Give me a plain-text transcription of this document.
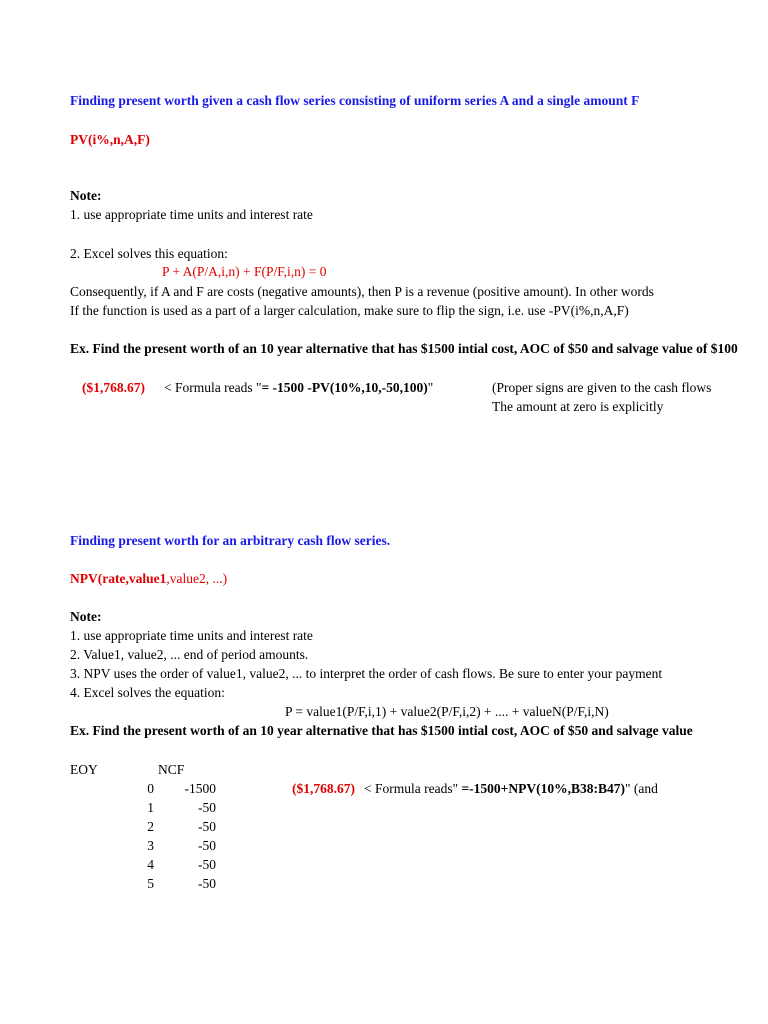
Finding present worth given a cash flow series consisting of uniform series A and a single amount F
PV(i%,n,A,F)
Note:
1. use appropriate time units and interest rate
2. Excel solves this equation:
P + A(P/A,i,n) + F(P/F,i,n) = 0
Consequently, if A and F are costs (negative amounts), then P is a revenue (positive amount). In other words
If the function is used as a part of a larger calculation, make sure to flip the sign, i.e. use -PV(i%,n,A,F)
Ex. Find the present worth of an 10 year alternative that has $1500 intial cost, AOC of $50 and salvage value of $100
($1,768.67) < Formula reads "= -1500 -PV(10%,10,-50,100)"	(Proper signs are given to the cash flows
The amount at zero is explicitly
Finding present worth for an arbitrary cash flow series.
NPV(rate,value1,value2, ...)
Note:
1. use appropriate time units and interest rate
2. Value1, value2, ... end of period amounts.
3. NPV uses the order of value1, value2, ... to interpret the order of cash flows. Be sure to enter your payment
4. Excel solves the equation:
P = value1(P/F,i,1) + value2(P/F,i,2) + .... + valueN(P/F,i,N)
Ex. Find the present worth of an 10 year alternative that has $1500 intial cost, AOC of $50 and salvage value
EOY	NCF
0	-1500
1	-50
2	-50
3	-50
4	-50
5	-50
($1,768.67) < Formula reads" =-1500+NPV(10%,B38:B47)" (and
